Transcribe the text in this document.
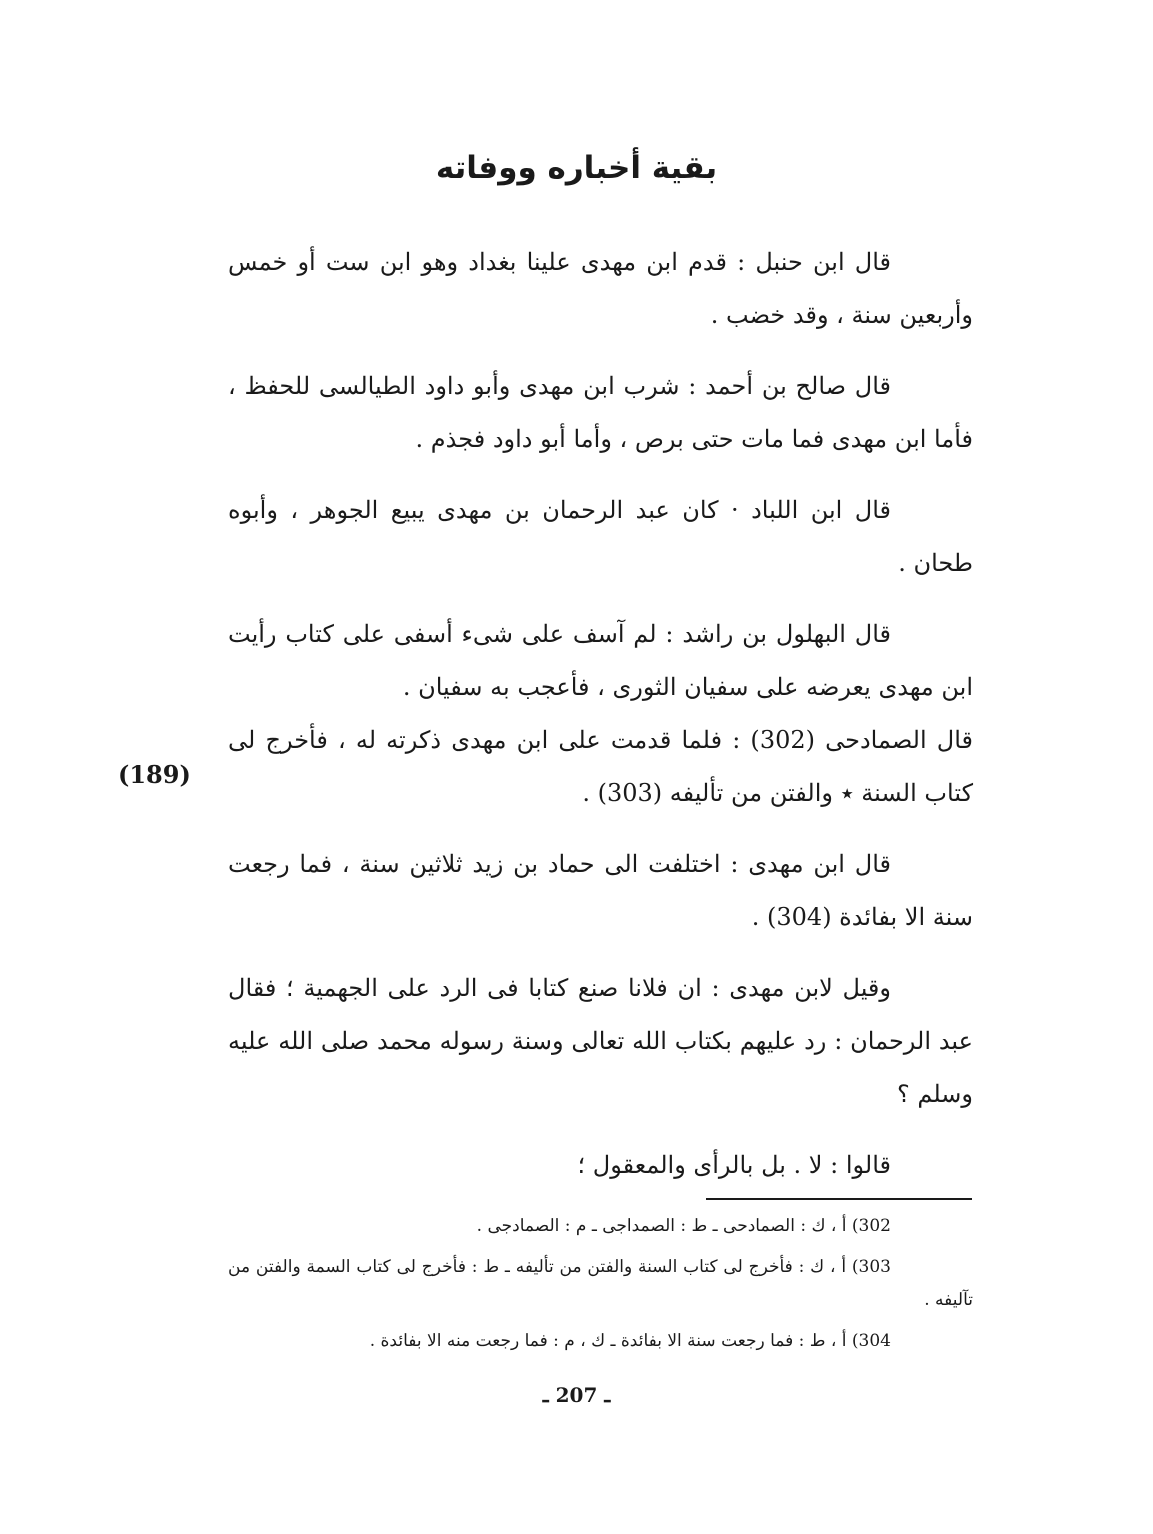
بقية أخباره ووفاته

قال ابن حنبل : قدم ابن مهدى علينا بغداد وهو ابن ست أو خمس وأربعين سنة ، وقد خضب .

قال صالح بن أحمد : شرب ابن مهدى وأبو داود الطيالسى للحفظ ، فأما ابن مهدى فما مات حتى برص ، وأما أبو داود فجذم .

قال ابن اللباد · كان عبد الرحمان بن مهدى يبيع الجوهر ، وأبوه طحان .

قال البهلول بن راشد : لم آسف على شىء أسفى على كتاب رأيت ابن مهدى يعرضه على سفيان الثورى ، فأعجب به سفيان .

قال الصمادحى (302) : فلما قدمت على ابن مهدى ذكرته له ، فأخرج لى كتاب السنة ٭ والفتن من تأليفه (303) .

قال ابن مهدى : اختلفت الى حماد بن زيد ثلاثين سنة ، فما رجعت سنة الا بفائدة (304) .

وقيل لابن مهدى : ان فلانا صنع كتابا فى الرد على الجهمية ؛ فقال عبد الرحمان : رد عليهم بكتاب الله تعالى وسنة رسوله محمد صلى الله عليه وسلم ؟

قالوا : لا . بل بالرأى والمعقول ؛

(189)

302) أ ، ك : الصمادحى ـ ط : الصمداجى ـ م : الصمادجى .

303) أ ، ك : فأخرج لى كتاب السنة والفتن من تأليفه ـ ط : فأخرج لى كتاب السمة والفتن من تآليفه .

304) أ ، ط : فما رجعت سنة الا بفائدة ـ ك ، م : فما رجعت منه الا بفائدة .

ـ 207 ـ
